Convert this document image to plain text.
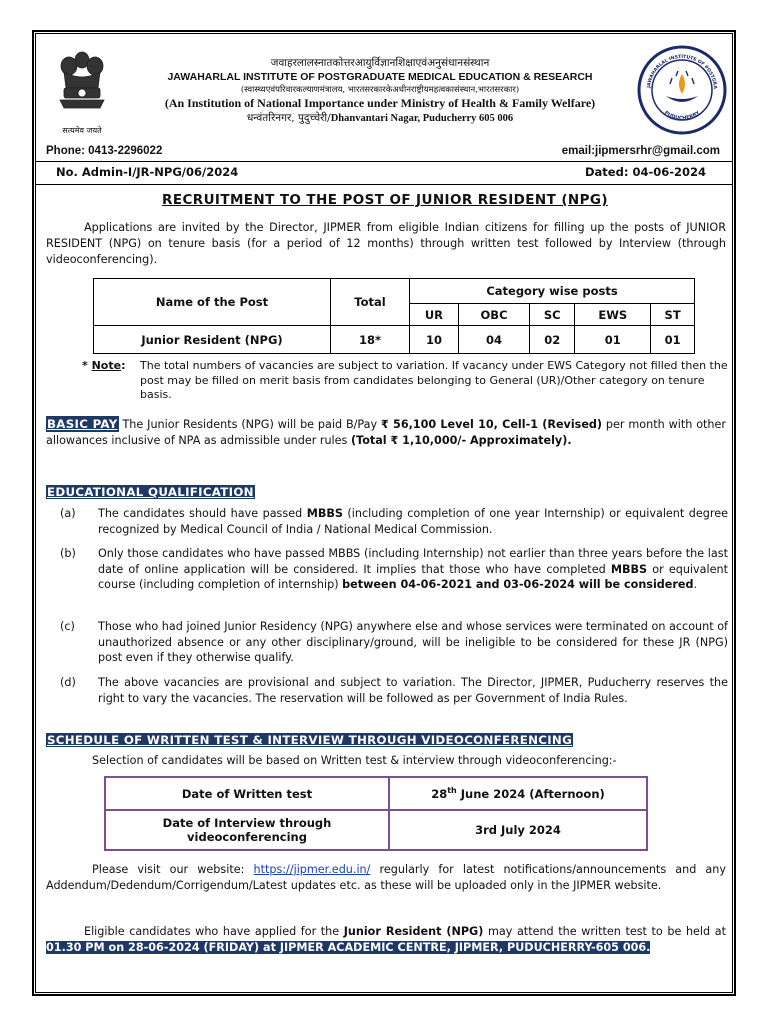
सत्यमेव जयते
जवाहरलालस्नातकोत्तरआयुर्विज्ञानशिक्षाएवंअनुसंधानसंस्थान
JAWAHARLAL INSTITUTE OF POSTGRADUATE MEDICAL EDUCATION & RESEARCH
(स्वास्थ्यएवंपरिवारकल्याणमंत्रालय, भारतसरकारकेअधीनराष्ट्रीयमहत्वकासंस्थान,भारतसरकार)
(An Institution of National Importance under Ministry of Health & Family Welfare)
धन्वंतरिनगर, पुदुच्चेरी/Dhanvantari Nagar, Puducherry 605 006
JAWAHARLAL INSTITUTE OF POSTGRA
PUDUCHERRY
Phone: 0413-2296022	email:jipmersrhr@gmail.com
No. Admin-I/JR-NPG/06/2024	Dated: 04-06-2024
RECRUITMENT TO THE POST OF JUNIOR RESIDENT (NPG)
Applications are invited by the Director, JIPMER from eligible Indian citizens for filling up the posts of JUNIOR RESIDENT (NPG) on tenure basis (for a period of 12 months) through written test followed by Interview (through videoconferencing).
Name of the Post	Total	Category wise posts				
		UR	OBC	SC	EWS	ST
Junior Resident (NPG)	18*	10	04	02	01	01
* Note: The total numbers of vacancies are subject to variation. If vacancy under EWS Category not filled then the post may be filled on merit basis from candidates belonging to General (UR)/Other category on tenure basis.
BASIC PAY The Junior Residents (NPG) will be paid B/Pay ₹ 56,100 Level 10, Cell-1 (Revised) per month with other allowances inclusive of NPA as admissible under rules (Total ₹ 1,10,000/- Approximately).
EDUCATIONAL QUALIFICATION
(a) The candidates should have passed MBBS (including completion of one year Internship) or equivalent degree recognized by Medical Council of India / National Medical Commission.
(b) Only those candidates who have passed MBBS (including Internship) not earlier than three years before the last date of online application will be considered. It implies that those who have completed MBBS or equivalent course (including completion of internship) between 04-06-2021 and 03-06-2024 will be considered.
(c) Those who had joined Junior Residency (NPG) anywhere else and whose services were terminated on account of unauthorized absence or any other disciplinary/ground, will be ineligible to be considered for these JR (NPG) post even if they otherwise qualify.
(d) The above vacancies are provisional and subject to variation. The Director, JIPMER, Puducherry reserves the right to vary the vacancies. The reservation will be followed as per Government of India Rules.
SCHEDULE OF WRITTEN TEST & INTERVIEW THROUGH VIDEOCONFERENCING
Selection of candidates will be based on Written test & interview through videoconferencing:-
Date of Written test	28th June 2024 (Afternoon)
Date of Interview through videoconferencing	3rd July 2024
Please visit our website: https://jipmer.edu.in/ regularly for latest notifications/announcements and any Addendum/Dedendum/Corrigendum/Latest updates etc. as these will be uploaded only in the JIPMER website.
Eligible candidates who have applied for the Junior Resident (NPG) may attend the written test to be held at 01.30 PM on 28-06-2024 (FRIDAY) at JIPMER ACADEMIC CENTRE, JIPMER, PUDUCHERRY-605 006.
